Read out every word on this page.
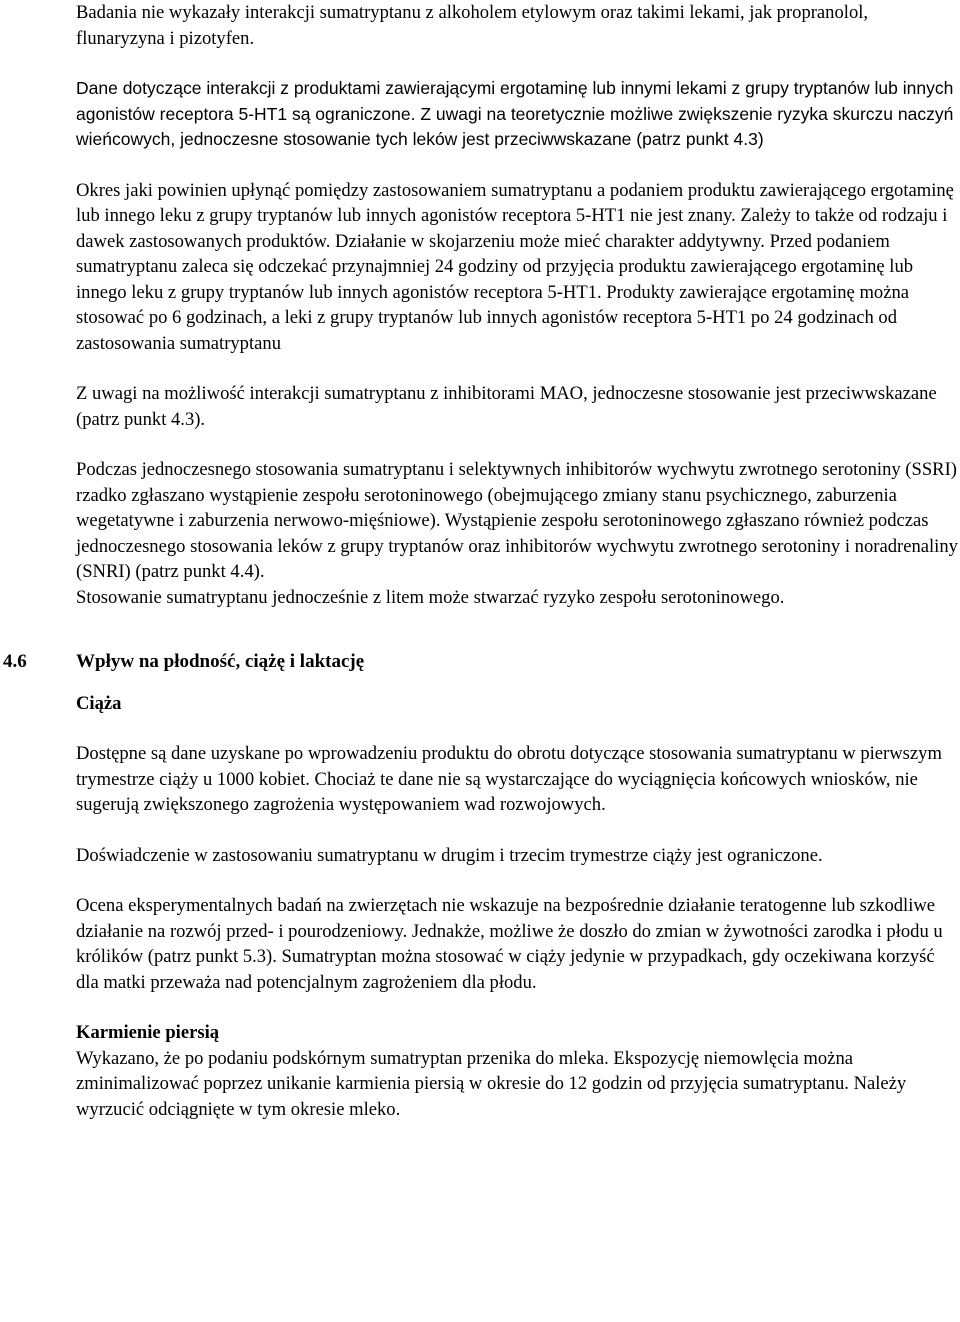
Badania nie wykazały interakcji sumatryptanu z alkoholem etylowym oraz takimi lekami, jak propranolol, flunaryzyna i pizotyfen.

Dane dotyczące interakcji z produktami zawierającymi ergotaminę lub innymi lekami z grupy tryptanów lub innych agonistów receptora 5-HT1 są ograniczone. Z uwagi na teoretycznie możliwe zwiększenie ryzyka skurczu naczyń wieńcowych, jednoczesne stosowanie tych leków jest przeciwwskazane (patrz punkt 4.3)

Okres jaki powinien upłynąć pomiędzy zastosowaniem sumatryptanu a podaniem produktu zawierającego ergotaminę lub innego leku z grupy tryptanów lub innych agonistów receptora 5-HT1 nie jest znany. Zależy to także od rodzaju i dawek zastosowanych produktów. Działanie w skojarzeniu może mieć charakter addytywny. Przed podaniem sumatryptanu zaleca się odczekać przynajmniej 24 godziny od przyjęcia produktu zawierającego ergotaminę lub innego leku z grupy tryptanów lub innych agonistów receptora 5-HT1. Produkty zawierające ergotaminę można stosować po 6 godzinach, a leki z grupy tryptanów lub innych agonistów receptora 5-HT1 po 24 godzinach od zastosowania sumatryptanu

Z uwagi na możliwość interakcji sumatryptanu z inhibitorami MAO, jednoczesne stosowanie jest przeciwwskazane (patrz punkt 4.3).

Podczas jednoczesnego stosowania sumatryptanu i selektywnych inhibitorów wychwytu zwrotnego serotoniny (SSRI) rzadko zgłaszano wystąpienie zespołu serotoninowego (obejmującego zmiany stanu psychicznego, zaburzenia wegetatywne i zaburzenia nerwowo-mięśniowe). Wystąpienie zespołu serotoninowego zgłaszano również podczas jednoczesnego stosowania leków z grupy tryptanów oraz inhibitorów wychwytu zwrotnego serotoniny i noradrenaliny (SNRI) (patrz punkt 4.4).

Stosowanie sumatryptanu jednocześnie z litem może stwarzać ryzyko zespołu serotoninowego.

4.6	Wpływ na płodność, ciążę i laktację

Ciąża

Dostępne są dane uzyskane po wprowadzeniu produktu do obrotu dotyczące stosowania sumatryptanu w pierwszym trymestrze ciąży u 1000 kobiet. Chociaż te dane nie są wystarczające do wyciągnięcia końcowych wniosków, nie sugerują zwiększonego zagrożenia występowaniem wad rozwojowych.

Doświadczenie w zastosowaniu sumatryptanu w drugim i trzecim trymestrze ciąży jest ograniczone.

Ocena eksperymentalnych badań na zwierzętach nie wskazuje na bezpośrednie działanie teratogenne lub szkodliwe działanie na rozwój przed- i pourodzeniowy. Jednakże, możliwe że doszło do zmian w żywotności zarodka i płodu u królików (patrz punkt 5.3). Sumatryptan można stosować w ciąży jedynie w przypadkach, gdy oczekiwana korzyść dla matki przeważa nad potencjalnym zagrożeniem dla płodu.

Karmienie piersią

Wykazano, że po podaniu podskórnym sumatryptan przenika do mleka. Ekspozycję niemowlęcia można zminimalizować poprzez unikanie karmienia piersią w okresie do 12 godzin od przyjęcia sumatryptanu. Należy wyrzucić odciągnięte w tym okresie mleko.
